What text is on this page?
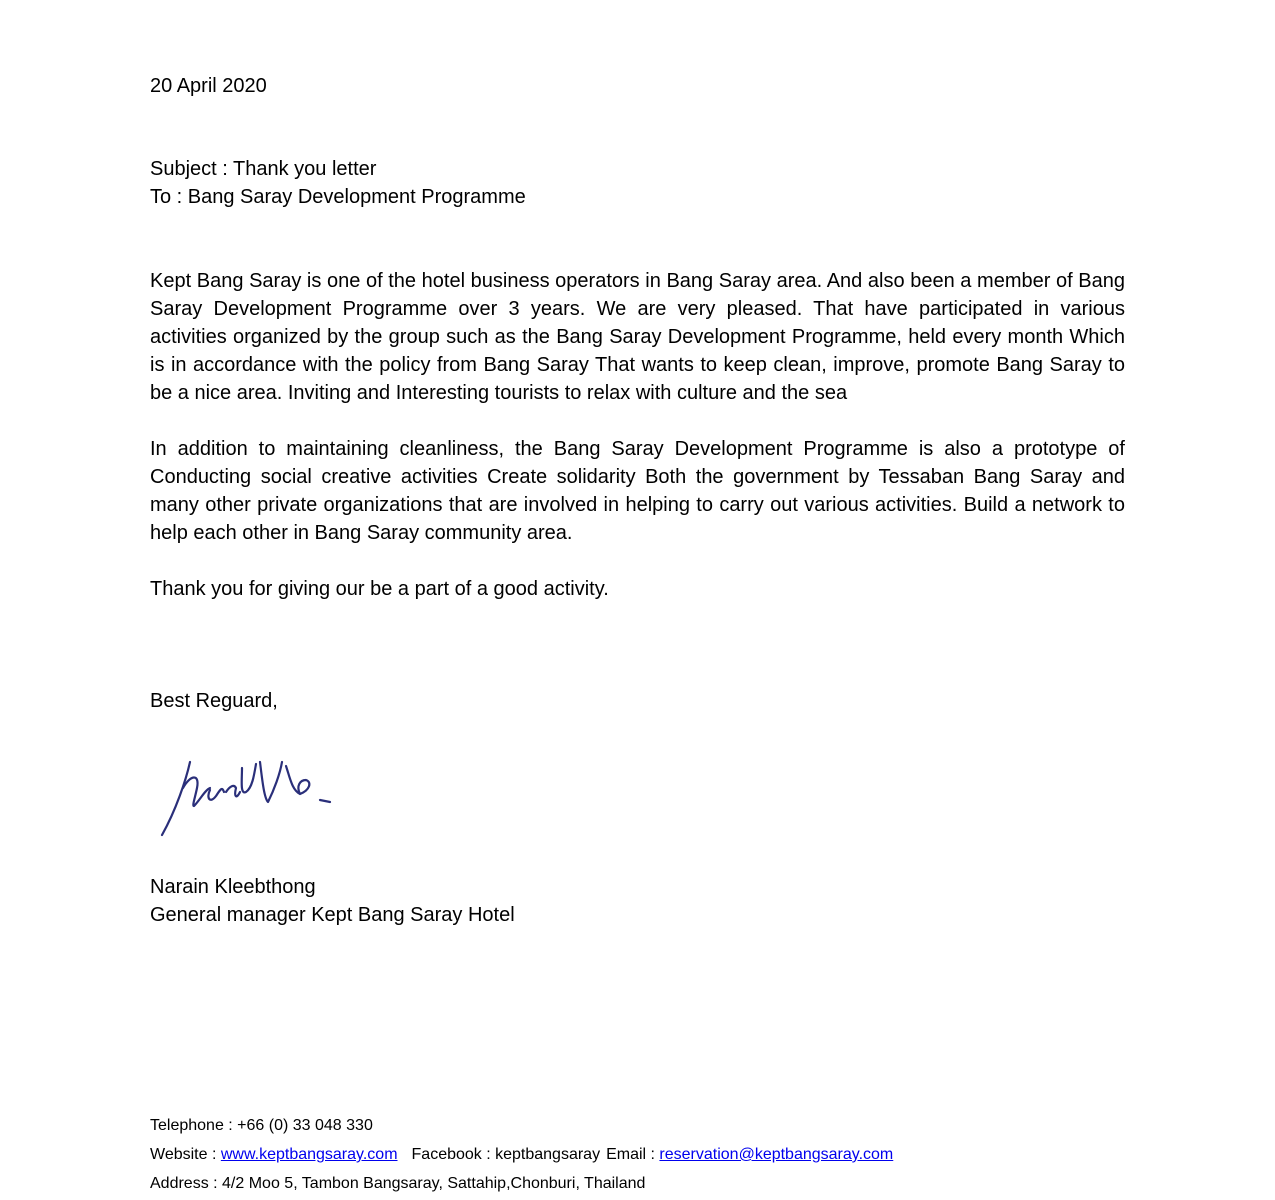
20 April 2020
Subject : Thank you letter
To : Bang Saray Development Programme

Kept Bang Saray is one of the hotel business operators in Bang Saray area. And also been a member of Bang Saray Development Programme over 3 years. We are very pleased. That have participated in various activities organized by the group such as the Bang Saray Development Programme, held every month Which is in accordance with the policy from Bang Saray That wants to keep clean, improve, promote Bang Saray to be a nice area. Inviting and Interesting tourists to relax with culture and the sea

In addition to maintaining cleanliness, the Bang Saray Development Programme is also a prototype of Conducting social creative activities Create solidarity Both the government by Tessaban Bang Saray and many other private organizations that are involved in helping to carry out various activities. Build a network to help each other in Bang Saray community area.

Thank you for giving our be a part of a good activity.

Best Reguard,
Narain Kleebthong
General manager Kept Bang Saray Hotel
Telephone : +66 (0) 33 048 330
Website : www.keptbangsaray.com Facebook : keptbangsaray Email : reservation@keptbangsaray.com
Address : 4/2 Moo 5, Tambon Bangsaray, Sattahip,Chonburi, Thailand
